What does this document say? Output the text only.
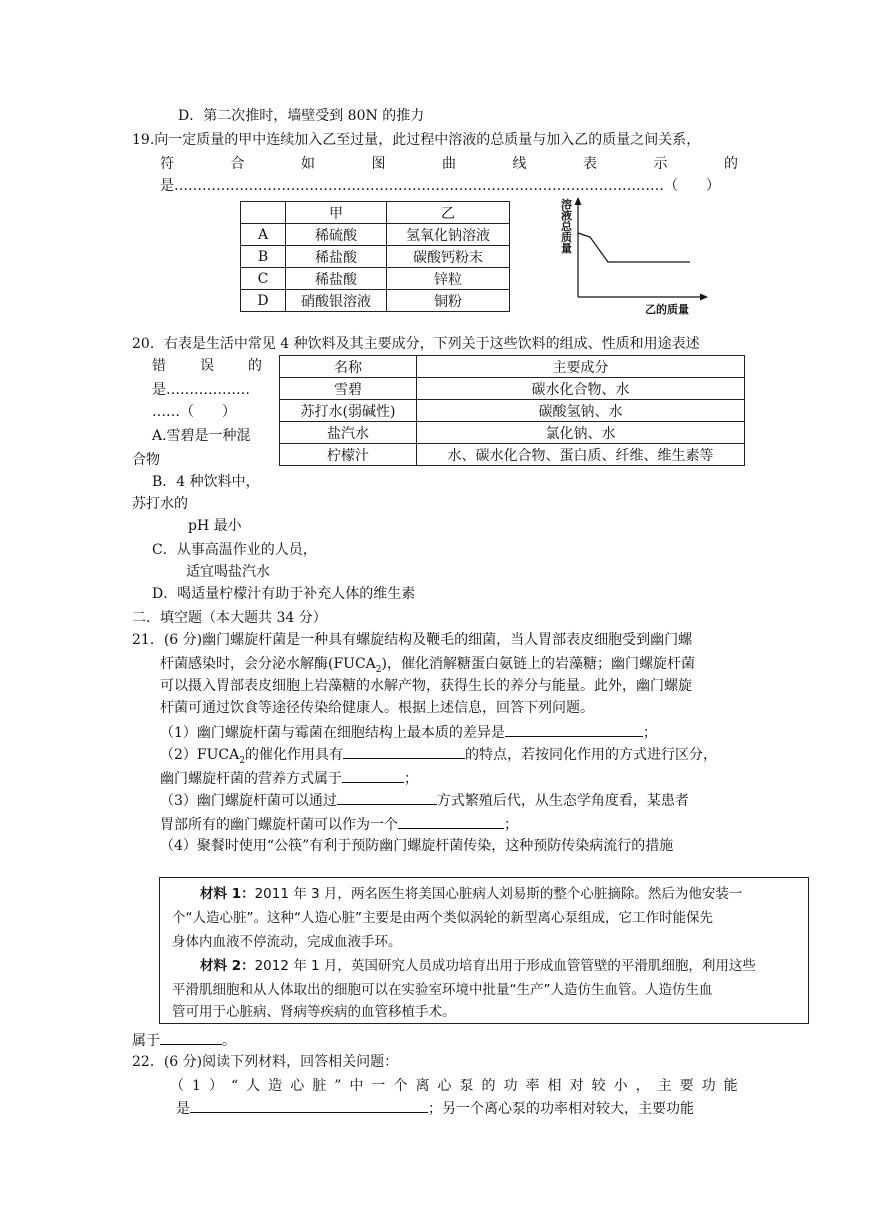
D．第二次推时，墙壁受到 80N 的推力
19.向一定质量的甲中连续加入乙至过量，此过程中溶液的总质量与加入乙的质量之间关系，
符	合	如	图	曲	线	表	示	的
是……………………………………………………………………………………………（　　）
	甲	乙
A	稀硫酸	氢氧化钠溶液
B	稀盐酸	碳酸钙粉末
C	稀盐酸	锌粒
D	硝酸银溶液	铜粉
溶液总质量
乙的质量
20．右表是生活中常见 4 种饮料及其主要成分，下列关于这些饮料的组成、性质和用途表述
错 误 的
是………………
……（　　）
A.雪碧是一种混
合物
B．4 种饮料中，
苏打水的
pH 最小
C．从事高温作业的人员，
适宜喝盐汽水
D．喝适量柠檬汁有助于补充人体的维生素
名称	主要成分
雪碧	碳水化合物、水
苏打水(弱碱性)	碳酸氢钠、水
盐汽水	氯化钠、水
柠檬汁	水、碳水化合物、蛋白质、纤维、维生素等
二．填空题（本大题共 34 分）
21．(6 分)幽门螺旋杆菌是一种具有螺旋结构及鞭毛的细菌，当人胃部表皮细胞受到幽门螺
杆菌感染时，会分泌水解酶$(FUCA_2)$，催化消解糖蛋白氨链上的岩藻糖；幽门螺旋杆菌
可以摄入胃部表皮细胞上岩藻糖的水解产物，获得生长的养分与能量。此外，幽门螺旋
杆菌可通过饮食等途径传染给健康人。根据上述信息，回答下列问题。
（1）幽门螺旋杆菌与霉菌在细胞结构上最本质的差异是	；
$(2)FUCA_2$的催化作用具有	的特点，若按同化作用的方式进行区分，
幽门螺旋杆菌的营养方式属于	；
（3）幽门螺旋杆菌可以通过	方式繁殖后代，从生态学角度看，某患者
胃部所有的幽门螺旋杆菌可以作为一个	；
（4）聚餐时使用“公筷”有利于预防幽门螺旋杆菌传染，这种预防传染病流行的措施
材料 1：2011 年 3 月，两名医生将美国心脏病人刘易斯的整个心脏摘除。然后为他安装一
个“人造心脏”。这种“人造心脏”主要是由两个类似涡轮的新型离心泵组成，它工作时能保先
身体内血液不停流动，完成血液手环。
材料 2：2012 年 1 月，英国研究人员成功培育出用于形成血管管壁的平滑肌细胞，利用这些
平滑肌细胞和从人体取出的细胞可以在实验室环境中批量“生产”人造仿生血管。人造仿生血
管可用于心脏病、肾病等疾病的血管移植手术。
属于	。
22．(6 分)阅读下列材料，回答相关问题：
（ 1 ） “ 人 造 心 脏 ” 中 一 个 离 心 泵 的 功 率 相 对 较 小 ， 主 要 功 能
是	；另一个离心泵的功率相对较大，主要功能
